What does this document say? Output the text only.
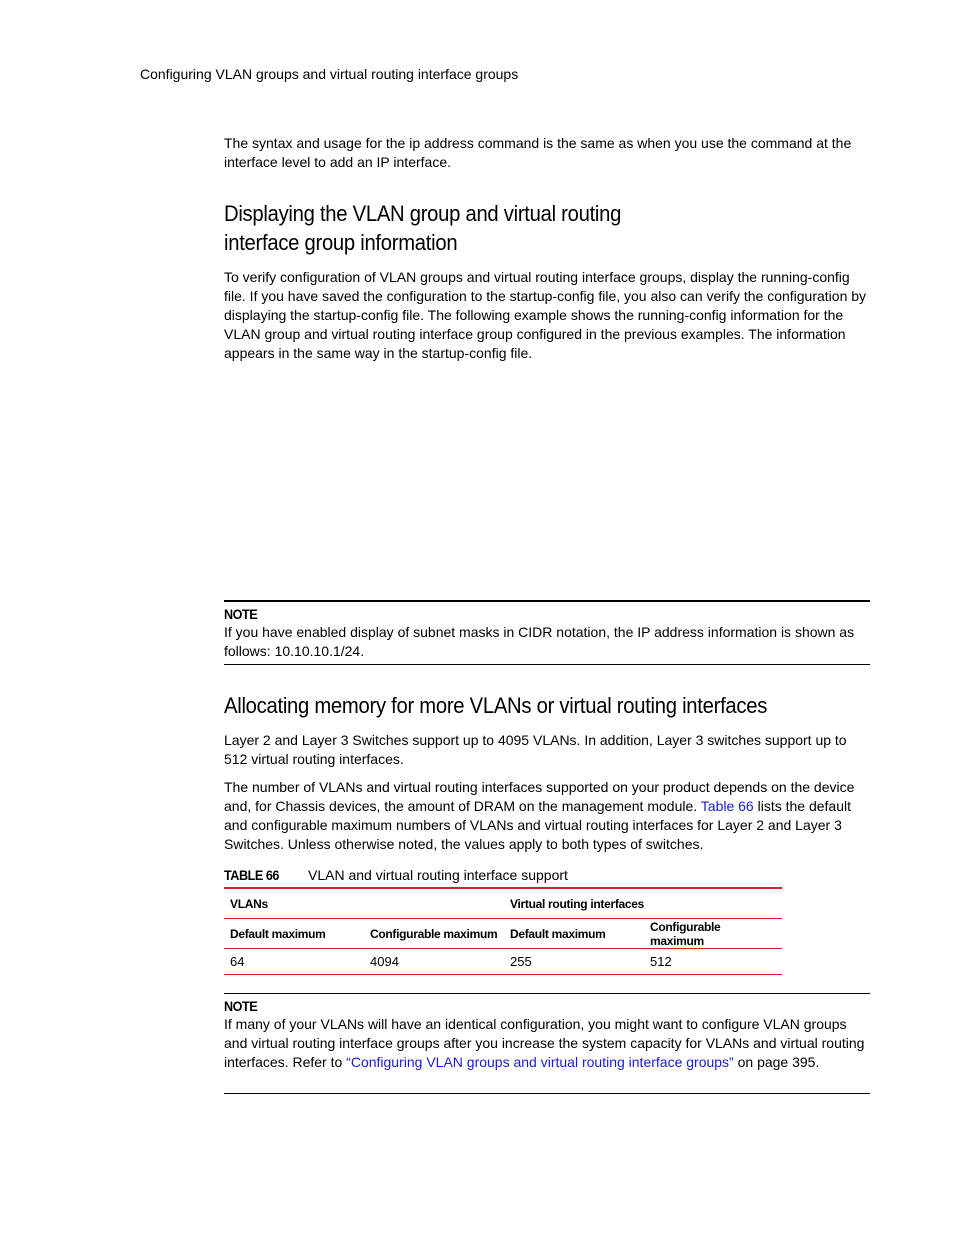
Configuring VLAN groups and virtual routing interface groups

The syntax and usage for the ip address command is the same as when you use the command at the interface level to add an IP interface.

Displaying the VLAN group and virtual routing
interface group information

To verify configuration of VLAN groups and virtual routing interface groups, display the running-config file. If you have saved the configuration to the startup-config file, you also can verify the configuration by displaying the startup-config file. The following example shows the running-config information for the VLAN group and virtual routing interface group configured in the previous examples. The information appears in the same way in the startup-config file.

NOTE
If you have enabled display of subnet masks in CIDR notation, the IP address information is shown as follows: 10.10.10.1/24.
Allocating memory for more VLANs or virtual routing interfaces

Layer 2 and Layer 3 Switches support up to 4095 VLANs. In addition, Layer 3 switches support up to 512 virtual routing interfaces.

The number of VLANs and virtual routing interfaces supported on your product depends on the device and, for Chassis devices, the amount of DRAM on the management module. Table 66 lists the default and configurable maximum numbers of VLANs and virtual routing interfaces for Layer 2 and Layer 3 Switches. Unless otherwise noted, the values apply to both types of switches.

TABLE 66 VLAN and virtual routing interface support
VLANs		Virtual routing interfaces	
Default maximum	Configurable maximum	Default maximum	Configurable maximum
64	4094	255	512
NOTE
If many of your VLANs will have an identical configuration, you might want to configure VLAN groups and virtual routing interface groups after you increase the system capacity for VLANs and virtual routing interfaces. Refer to “Configuring VLAN groups and virtual routing interface groups” on page 395.
